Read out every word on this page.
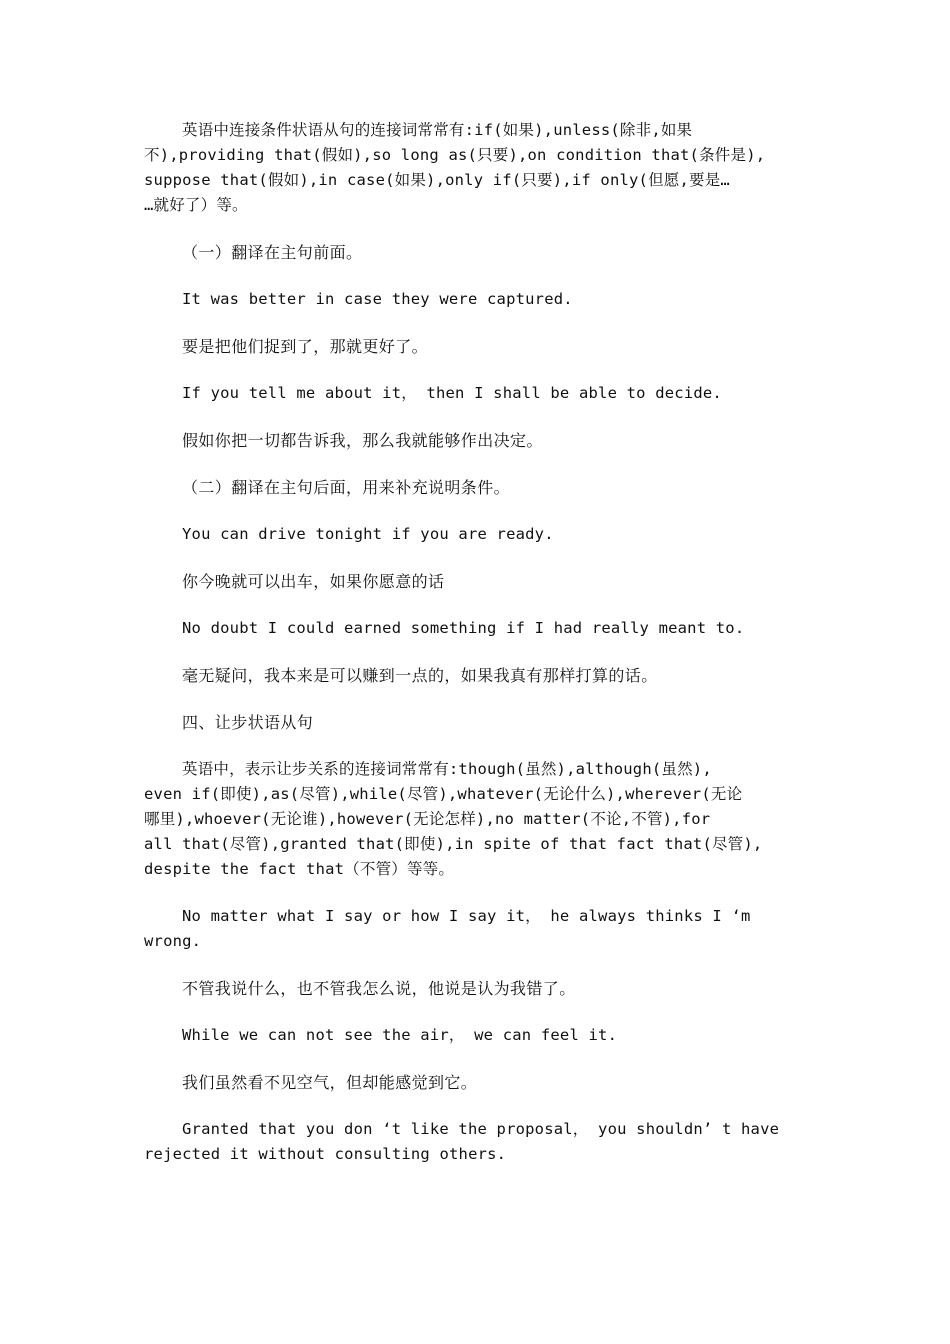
英语中连接条件状语从句的连接词常常有:if(如果),unless(除非,如果
不),providing that(假如),so long as(只要),on condition that(条件是),
suppose that(假如),in case(如果),only if(只要),if only(但愿,要是…
…就好了）等。

（一）翻译在主句前面。

It was better in case they were captured.

要是把他们捉到了，那就更好了。

If you tell me about it， then I shall be able to decide.

假如你把一切都告诉我，那么我就能够作出决定。

（二）翻译在主句后面，用来补充说明条件。

You can drive tonight if you are ready.

你今晚就可以出车，如果你愿意的话

No doubt I could earned something if I had really meant to.

毫无疑问，我本来是可以赚到一点的，如果我真有那样打算的话。

四、让步状语从句

英语中，表示让步关系的连接词常常有:though(虽然),although(虽然),
even if(即使),as(尽管),while(尽管),whatever(无论什么),wherever(无论
哪里),whoever(无论谁),however(无论怎样),no matter(不论,不管),for
all that(尽管),granted that(即使),in spite of that fact that(尽管),
despite the fact that（不管）等等。

No matter what I say or how I say it， he always thinks I ‘m
wrong.

不管我说什么，也不管我怎么说，他说是认为我错了。

While we can not see the air， we can feel it.

我们虽然看不见空气，但却能感觉到它。

Granted that you don ‘t like the proposal， you shouldn’ t have
rejected it without consulting others.
